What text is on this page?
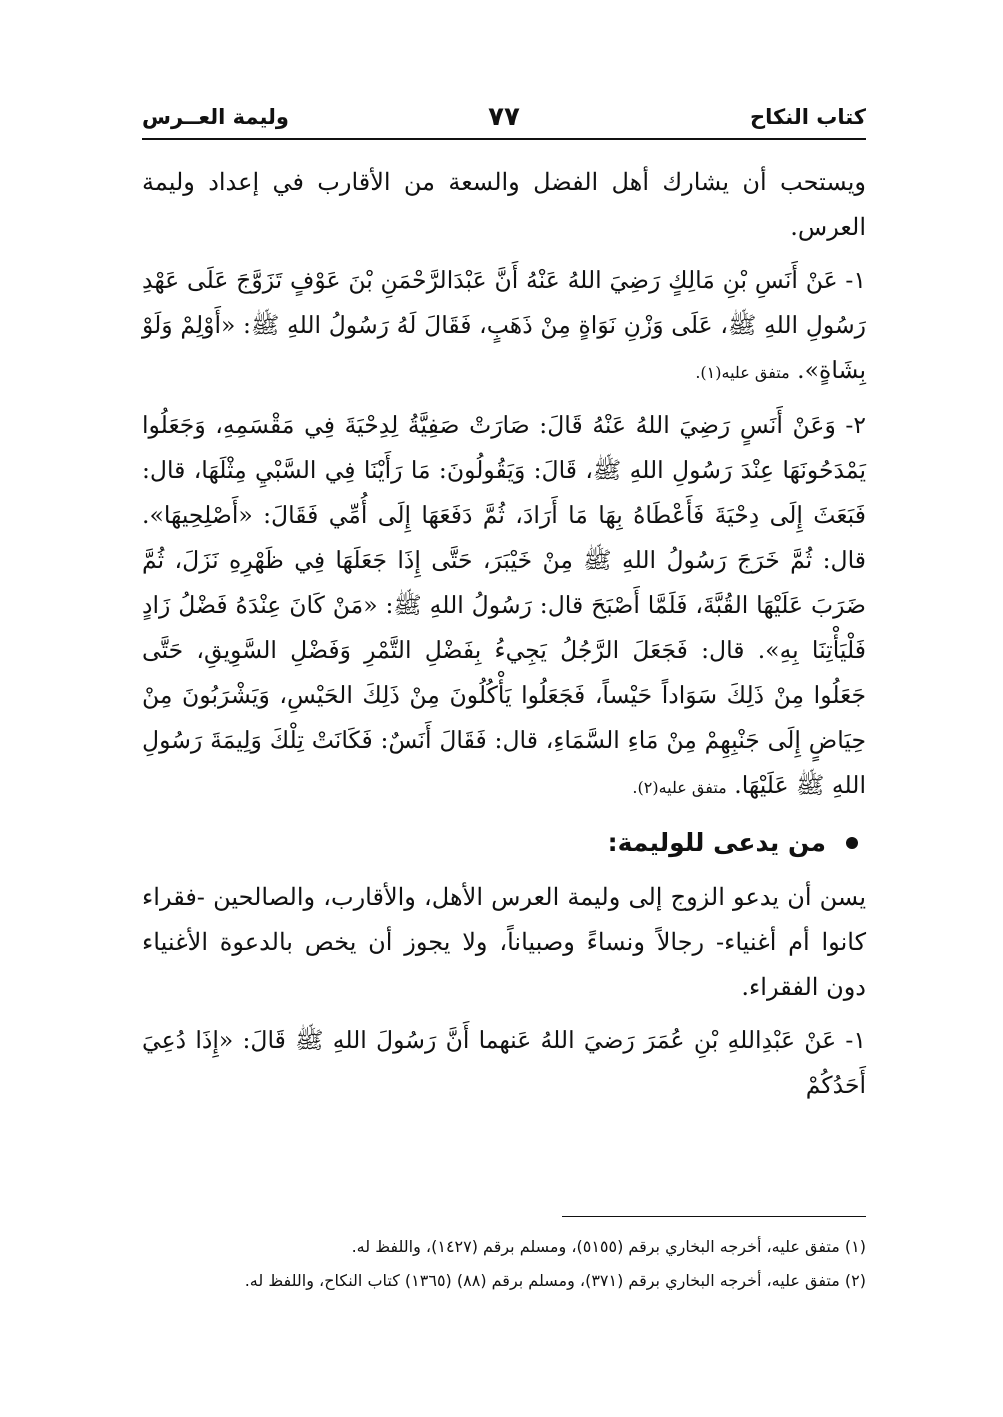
كتاب النكاح
٧٧
وليمة العــرس

ويستحب أن يشارك أهل الفضل والسعة من الأقارب في إعداد وليمة العرس.

١- عَنْ أَنَسِ بْنِ مَالِكٍ رَضِيَ اللهُ عَنْهُ أَنَّ عَبْدَالرَّحْمَنِ بْنَ عَوْفٍ تَزَوَّجَ عَلَى عَهْدِ رَسُولِ اللهِ ﷺ، عَلَى وَزْنِ نَوَاةٍ مِنْ ذَهَبٍ، فَقَالَ لَهُ رَسُولُ اللهِ ﷺ: «أَوْلِمْ وَلَوْ بِشَاةٍ». متفق عليه(١).

٢- وَعَنْ أَنَسٍ رَضِيَ اللهُ عَنْهُ قَالَ: صَارَتْ صَفِيَّةُ لِدِحْيَةَ فِي مَقْسَمِهِ، وَجَعَلُوا يَمْدَحُونَهَا عِنْدَ رَسُولِ اللهِ ﷺ، قَالَ: وَيَقُولُونَ: مَا رَأَيْنَا فِي السَّبْيِ مِثْلَهَا، قال: فَبَعَثَ إِلَى دِحْيَةَ فَأَعْطَاهُ بِهَا مَا أَرَادَ، ثُمَّ دَفَعَهَا إِلَى أُمِّي فَقَالَ: «أَصْلِحِيهَا». قال: ثُمَّ خَرَجَ رَسُولُ اللهِ ﷺ مِنْ خَيْبَرَ، حَتَّى إِذَا جَعَلَهَا فِي ظَهْرِهِ نَزَلَ، ثُمَّ ضَرَبَ عَلَيْهَا القُبَّةَ، فَلَمَّا أَصْبَحَ قال: رَسُولُ اللهِ ﷺ: «مَنْ كَانَ عِنْدَهُ فَضْلُ زَادٍ فَلْيَأْتِنَا بِهِ». قال: فَجَعَلَ الرَّجُلُ يَجِيءُ بِفَضْلِ التَّمْرِ وَفَضْلِ السَّوِيقِ، حَتَّى جَعَلُوا مِنْ ذَلِكَ سَوَاداً حَيْساً، فَجَعَلُوا يَأْكُلُونَ مِنْ ذَلِكَ الحَيْسِ، وَيَشْرَبُونَ مِنْ حِيَاضٍ إِلَى جَنْبِهِمْ مِنْ مَاءِ السَّمَاءِ، قال: فَقَالَ أَنَسٌ: فَكَانَتْ تِلْكَ وَلِيمَةَ رَسُولِ اللهِ ﷺ عَلَيْهَا. متفق عليه(٢).

من يدعى للوليمة:

يسن أن يدعو الزوج إلى وليمة العرس الأهل، والأقارب، والصالحين -فقراء كانوا أم أغنياء- رجالاً ونساءً وصبياناً، ولا يجوز أن يخص بالدعوة الأغنياء دون الفقراء.

١- عَنْ عَبْدِاللهِ بْنِ عُمَرَ رَضيَ اللهُ عَنهما أَنَّ رَسُولَ اللهِ ﷺ قَالَ: «إِذَا دُعِيَ أَحَدُكُمْ

(١) متفق عليه، أخرجه البخاري برقم (٥١٥٥)، ومسلم برقم (١٤٢٧)، واللفظ له.
(٢) متفق عليه، أخرجه البخاري برقم (٣٧١)، ومسلم برقم (٨٨) (١٣٦٥) كتاب النكاح، واللفظ له.
